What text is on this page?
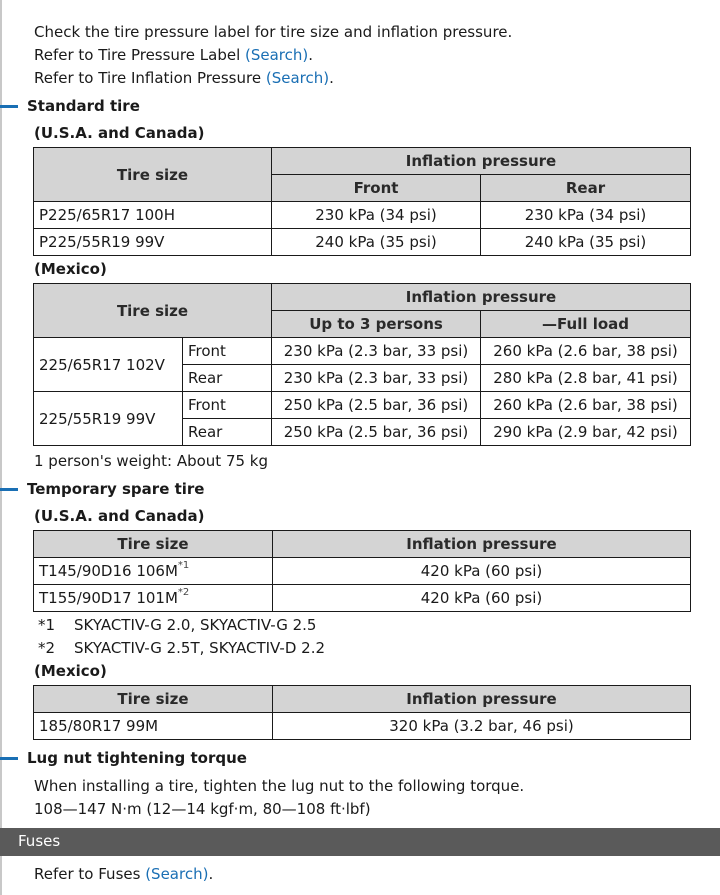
Check the tire pressure label for tire size and inflation pressure.
Refer to Tire Pressure Label (Search).
Refer to Tire Inflation Pressure (Search).
Standard tire
(U.S.A. and Canada)
Tire size	Inflation pressure	
	Front	Rear
P225/65R17 100H	230 kPa (34 psi)	230 kPa (34 psi)
P225/55R19 99V	240 kPa (35 psi)	240 kPa (35 psi)
(Mexico)
Tire size		Inflation pressure	
		Up to 3 persons	—Full load
225/65R17 102V	Front	230 kPa (2.3 bar, 33 psi)	260 kPa (2.6 bar, 38 psi)
	Rear	230 kPa (2.3 bar, 33 psi)	280 kPa (2.8 bar, 41 psi)
225/55R19 99V	Front	250 kPa (2.5 bar, 36 psi)	260 kPa (2.6 bar, 38 psi)
	Rear	250 kPa (2.5 bar, 36 psi)	290 kPa (2.9 bar, 42 psi)
1 person's weight: About 75 kg
Temporary spare tire
(U.S.A. and Canada)
Tire size	Inflation pressure
T145/90D16 $106M^{*1}$	420 kPa (60 psi)
T155/90D17 $101M^{*2}$	420 kPa (60 psi)
*1 SKYACTIV-G 2.0, SKYACTIV-G 2.5
*2 SKYACTIV-G 2.5T, SKYACTIV-D 2.2
(Mexico)
Tire size	Inflation pressure
185/80R17 99M	320 kPa (3.2 bar, 46 psi)
Lug nut tightening torque
When installing a tire, tighten the lug nut to the following torque.
108—147 N·m (12—14 kgf·m, 80—108 ft·lbf)
Fuses
Refer to Fuses (Search).
